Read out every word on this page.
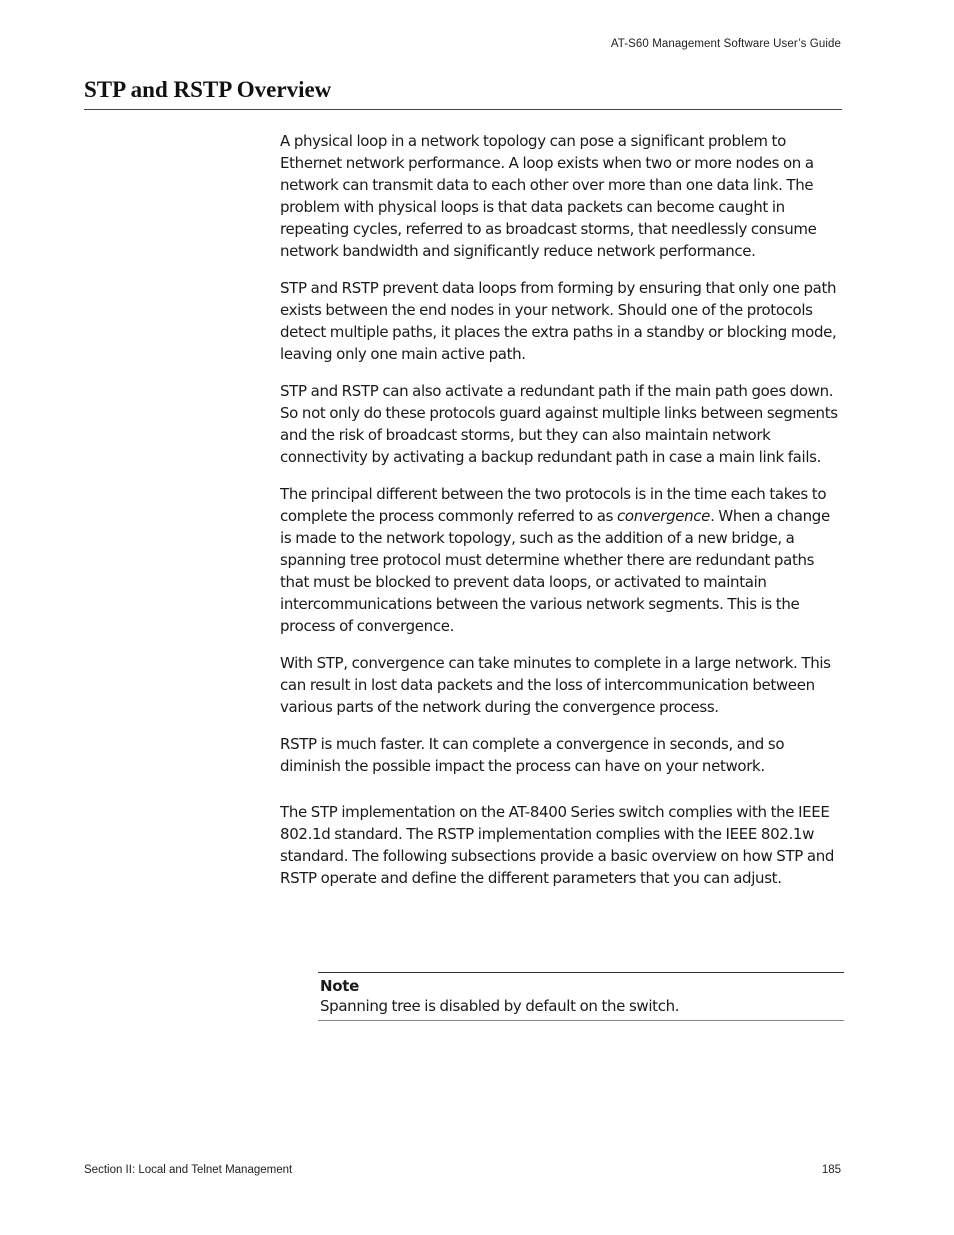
AT-S60 Management Software User’s Guide
STP and RSTP Overview

A physical loop in a network topology can pose a significant problem to Ethernet network performance. A loop exists when two or more nodes on a network can transmit data to each other over more than one data link. The problem with physical loops is that data packets can become caught in repeating cycles, referred to as broadcast storms, that needlessly consume network bandwidth and significantly reduce network performance.

STP and RSTP prevent data loops from forming by ensuring that only one path exists between the end nodes in your network. Should one of the protocols detect multiple paths, it places the extra paths in a standby or blocking mode, leaving only one main active path.

STP and RSTP can also activate a redundant path if the main path goes down. So not only do these protocols guard against multiple links between segments and the risk of broadcast storms, but they can also maintain network connectivity by activating a backup redundant path in case a main link fails.

The principal different between the two protocols is in the time each takes to complete the process commonly referred to as convergence. When a change is made to the network topology, such as the addition of a new bridge, a spanning tree protocol must determine whether there are redundant paths that must be blocked to prevent data loops, or activated to maintain intercommunications between the various network segments. This is the process of convergence.

With STP, convergence can take minutes to complete in a large network. This can result in lost data packets and the loss of intercommunication between various parts of the network during the convergence process.

RSTP is much faster. It can complete a convergence in seconds, and so diminish the possible impact the process can have on your network.

The STP implementation on the AT-8400 Series switch complies with the IEEE 802.1d standard. The RSTP implementation complies with the IEEE 802.1w standard. The following subsections provide a basic overview on how STP and RSTP operate and define the different parameters that you can adjust.

Note
Spanning tree is disabled by default on the switch.
Section II: Local and Telnet Management	185
